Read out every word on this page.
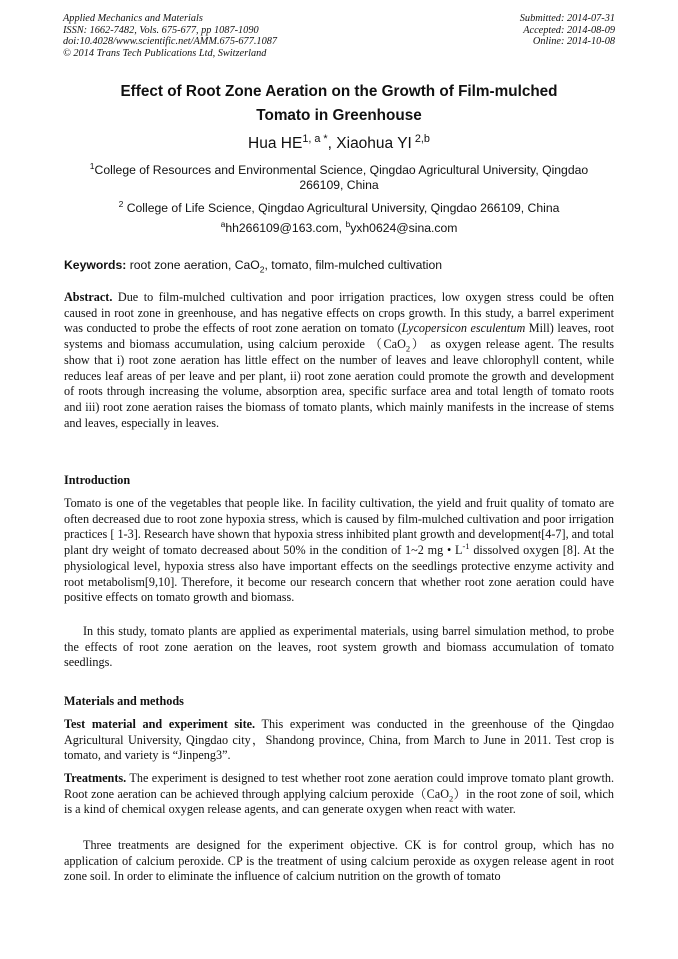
Applied Mechanics and Materials
ISSN: 1662-7482, Vols. 675-677, pp 1087-1090
doi:10.4028/www.scientific.net/AMM.675-677.1087
© 2014 Trans Tech Publications Ltd, Switzerland
Submitted: 2014-07-31
Accepted: 2014-08-09
Online: 2014-10-08
Effect of Root Zone Aeration on the Growth of Film-mulched
Tomato in Greenhouse
Hua $HE^{1, a *}$, Xiaohua YI $^{2,b}$
$^1$College of Resources and Environmental Science, Qingdao Agricultural University, Qingdao 266109, China
$^2$ College of Life Science, Qingdao Agricultural University, Qingdao 266109, China
$^a$hh266109@163.com, $^b$yxh0624@sina.com
Keywords: root zone aeration, CaO$_2$, tomato, film-mulched cultivation
Abstract. Due to film-mulched cultivation and poor irrigation practices, low oxygen stress could be often caused in root zone in greenhouse, and has negative effects on crops growth. In this study, a barrel experiment was conducted to probe the effects of root zone aeration on tomato (Lycopersicon esculentum Mill) leaves, root systems and biomass accumulation, using calcium peroxide （CaO$_2$） as oxygen release agent. The results show that i) root zone aeration has little effect on the number of leaves and leave chlorophyll content, while reduces leaf areas of per leave and per plant, ii) root zone aeration could promote the growth and development of roots through increasing the volume, absorption area, specific surface area and total length of tomato roots and iii) root zone aeration raises the biomass of tomato plants, which mainly manifests in the increase of stems and leaves, especially in leaves.
Introduction
Tomato is one of the vegetables that people like. In facility cultivation, the yield and fruit quality of tomato are often decreased due to root zone hypoxia stress, which is caused by film-mulched cultivation and poor irrigation practices [ 1-3]. Research have shown that hypoxia stress inhibited plant growth and development[4-7], and total plant dry weight of tomato decreased about 50% in the condition of 1~2 mg • $L^{-1}$ dissolved oxygen [8]. At the physiological level, hypoxia stress also have important effects on the seedlings protective enzyme activity and root metabolism[9,10]. Therefore, it become our research concern that whether root zone aeration could have positive effects on tomato growth and biomass.
In this study, tomato plants are applied as experimental materials, using barrel simulation method, to probe the effects of root zone aeration on the leaves, root system growth and biomass accumulation of tomato seedlings.
Materials and methods
Test material and experiment site. This experiment was conducted in the greenhouse of the Qingdao Agricultural University, Qingdao city，Shandong province, China, from March to June in 2011. Test crop is tomato, and variety is “Jinpeng3”.
Treatments. The experiment is designed to test whether root zone aeration could improve tomato plant growth. Root zone aeration can be achieved through applying calcium peroxide（CaO$_2$）in the root zone of soil, which is a kind of chemical oxygen release agents, and can generate oxygen when react with water.
Three treatments are designed for the experiment objective. CK is for control group, which has no application of calcium peroxide. CP is the treatment of using calcium peroxide as oxygen release agent in root zone soil. In order to eliminate the influence of calcium nutrition on the growth of tomato
